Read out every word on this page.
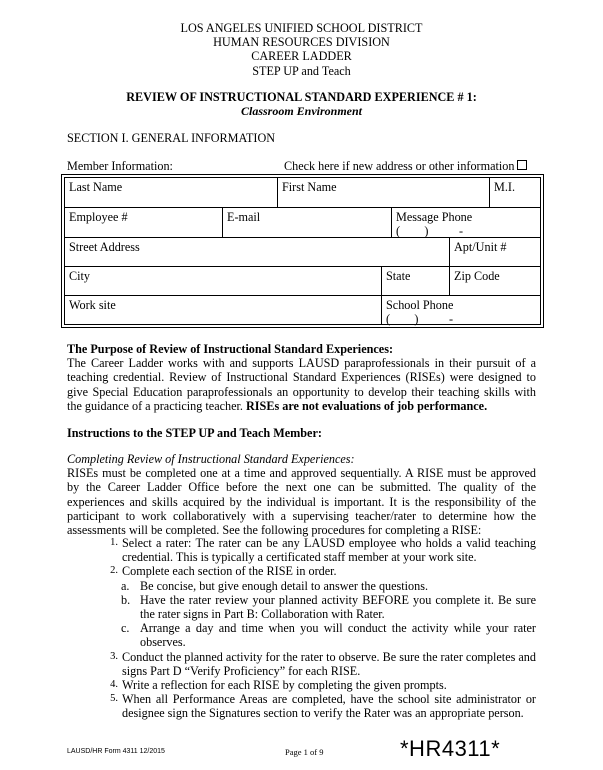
LOS ANGELES UNIFIED SCHOOL DISTRICT
HUMAN RESOURCES DIVISION
CAREER LADDER
STEP UP and Teach
REVIEW OF INSTRUCTIONAL STANDARD EXPERIENCE # 1:
Classroom Environment
SECTION I. GENERAL INFORMATION
Member Information:	Check here if new address or other information
Last Name	First Name	M.I.
Employee #	E-mail	Message Phone
(        )          -
Street Address	Apt/Unit #
City	State	Zip Code
Work site	School Phone
(        )          -
The Purpose of Review of Instructional Standard Experiences:
The Career Ladder works with and supports LAUSD paraprofessionals in their pursuit of a teaching credential. Review of Instructional Standard Experiences (RISEs) were designed to give Special Education paraprofessionals an opportunity to develop their teaching skills with the guidance of a practicing teacher. RISEs are not evaluations of job performance.
Instructions to the STEP UP and Teach Member:
Completing Review of Instructional Standard Experiences:
RISEs must be completed one at a time and approved sequentially. A RISE must be approved by the Career Ladder Office before the next one can be submitted. The quality of the experiences and skills acquired by the individual is important. It is the responsibility of the participant to work collaboratively with a supervising teacher/rater to determine how the assessments will be completed. See the following procedures for completing a RISE:
1. Select a rater: The rater can be any LAUSD employee who holds a valid teaching credential. This is typically a certificated staff member at your work site.
2. Complete each section of the RISE in order.
a. Be concise, but give enough detail to answer the questions.
b. Have the rater review your planned activity BEFORE you complete it. Be sure the rater signs in Part B: Collaboration with Rater.
c. Arrange a day and time when you will conduct the activity while your rater observes.
3. Conduct the planned activity for the rater to observe. Be sure the rater completes and signs Part D “Verify Proficiency” for each RISE.
4. Write a reflection for each RISE by completing the given prompts.
5. When all Performance Areas are completed, have the school site administrator or designee sign the Signatures section to verify the Rater was an appropriate person.
LAUSD/HR Form 4311 12/2015	Page 1 of 9	*HR4311*
